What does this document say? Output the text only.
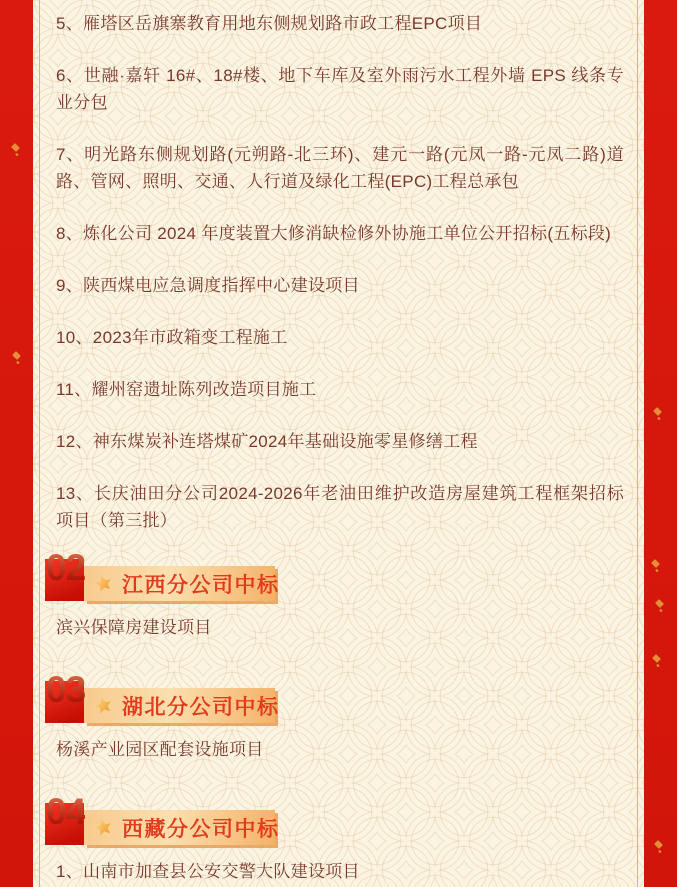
5、雁塔区岳旗寨教育用地东侧规划路市政工程EPC项目

6、世融·嘉轩 16#、18#楼、地下车库及室外雨污水工程外墙 EPS 线条专业分包

7、明光路东侧规划路(元朔路-北三环)、建元一路(元凤一路-元凤二路)道路、管网、照明、交通、人行道及绿化工程(EPC)工程总承包

8、炼化公司 2024 年度装置大修消缺检修外协施工单位公开招标(五标段)

9、陕西煤电应急调度指挥中心建设项目

10、2023年市政箱变工程施工

11、耀州窑遗址陈列改造项目施工

12、神东煤炭补连塔煤矿2024年基础设施零星修缮工程

13、长庆油田分公司2024-2026年老油田维护改造房屋建筑工程框架招标项目（第三批）

02 江西分公司中标

滨兴保障房建设项目

03 湖北分公司中标

杨溪产业园区配套设施项目

04 西藏分公司中标

1、山南市加查县公安交警大队建设项目
